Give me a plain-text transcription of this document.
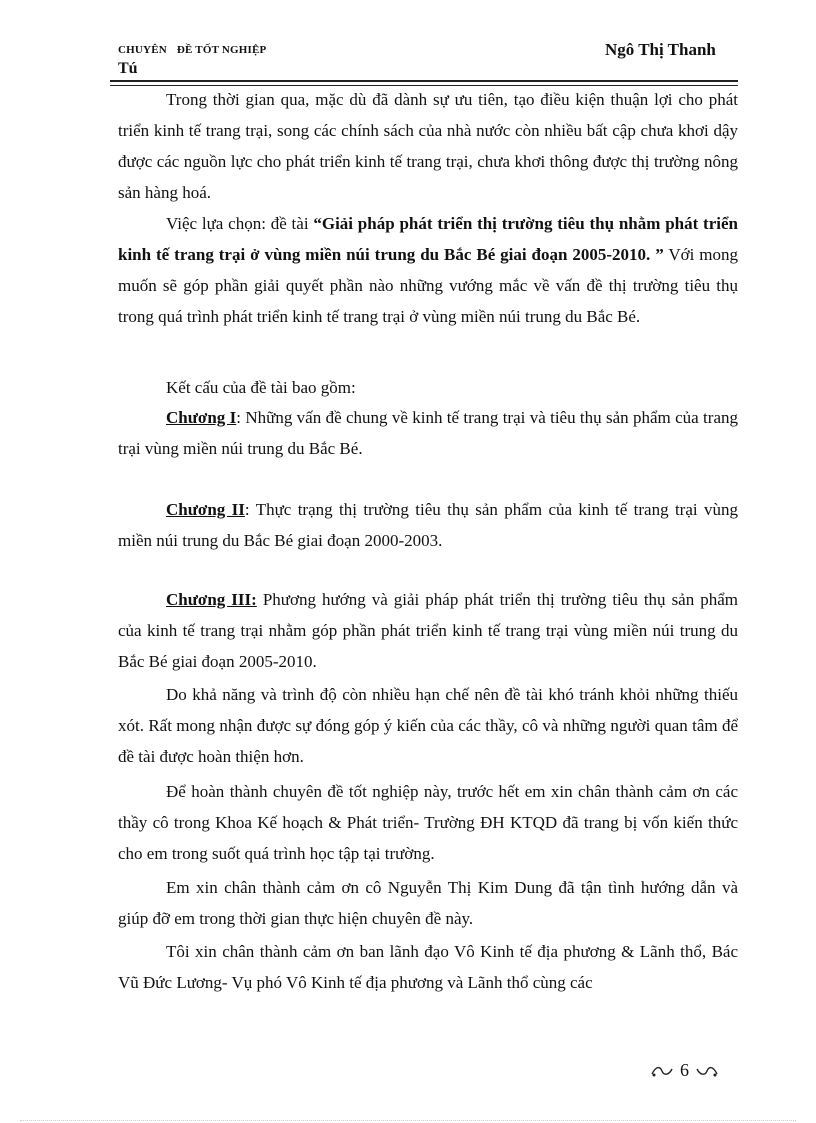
CHUYÊN ĐỀ TỐT NGHIỆP	Ngô Thị Thanh
Tú

Trong thời gian qua, mặc dù đã dành sự ưu tiên, tạo điều kiện thuận lợi cho phát triển kinh tế trang trại, song các chính sách của nhà nước còn nhiều bất cập chưa khơi dậy được các nguồn lực cho phát triển kinh tế trang trại, chưa khơi thông được thị trường nông sản hàng hoá.

Việc lựa chọn: đề tài “Giải pháp phát triển thị trường tiêu thụ nhằm phát triển kinh tế trang trại ở vùng miền núi trung du Bắc Bé giai đoạn 2005-2010. ” Với mong muốn sẽ góp phần giải quyết phần nào những vướng mắc về vấn đề thị trường tiêu thụ trong quá trình phát triển kinh tế trang trại ở vùng miền núi trung du Bắc Bé.

Kết cấu của đề tài bao gồm:

Chương I: Những vấn đề chung về kinh tế trang trại và tiêu thụ sản phẩm của trang trại vùng miền núi trung du Bắc Bé.

Chương II: Thực trạng thị trường tiêu thụ sản phẩm của kinh tế trang trại vùng miền núi trung du Bắc Bé giai đoạn 2000-2003.

Chương III: Phương hướng và giải pháp phát triển thị trường tiêu thụ sản phẩm của kinh tế trang trại nhằm góp phần phát triển kinh tế trang trại vùng miền núi trung du Bắc Bé giai đoạn 2005-2010.

Do khả năng và trình độ còn nhiều hạn chế nên đề tài khó tránh khỏi những thiếu xót. Rất mong nhận được sự đóng góp ý kiến của các thầy, cô và những người quan tâm để đề tài được hoàn thiện hơn.

Để hoàn thành chuyên đề tốt nghiệp này, trước hết em xin chân thành cảm ơn các thầy cô trong Khoa Kế hoạch & Phát triển- Trường ĐH KTQD đã trang bị vốn kiến thức cho em trong suốt quá trình học tập tại trường.

Em xin chân thành cảm ơn cô Nguyễn Thị Kim Dung đã tận tình hướng dẫn và giúp đỡ em trong thời gian thực hiện chuyên đề này.

Tôi xin chân thành cảm ơn ban lãnh đạo Vô Kinh tế địa phương & Lãnh thổ, Bác Vũ Đức Lương- Vụ phó Vô Kinh tế địa phương và Lãnh thổ cùng các

6
